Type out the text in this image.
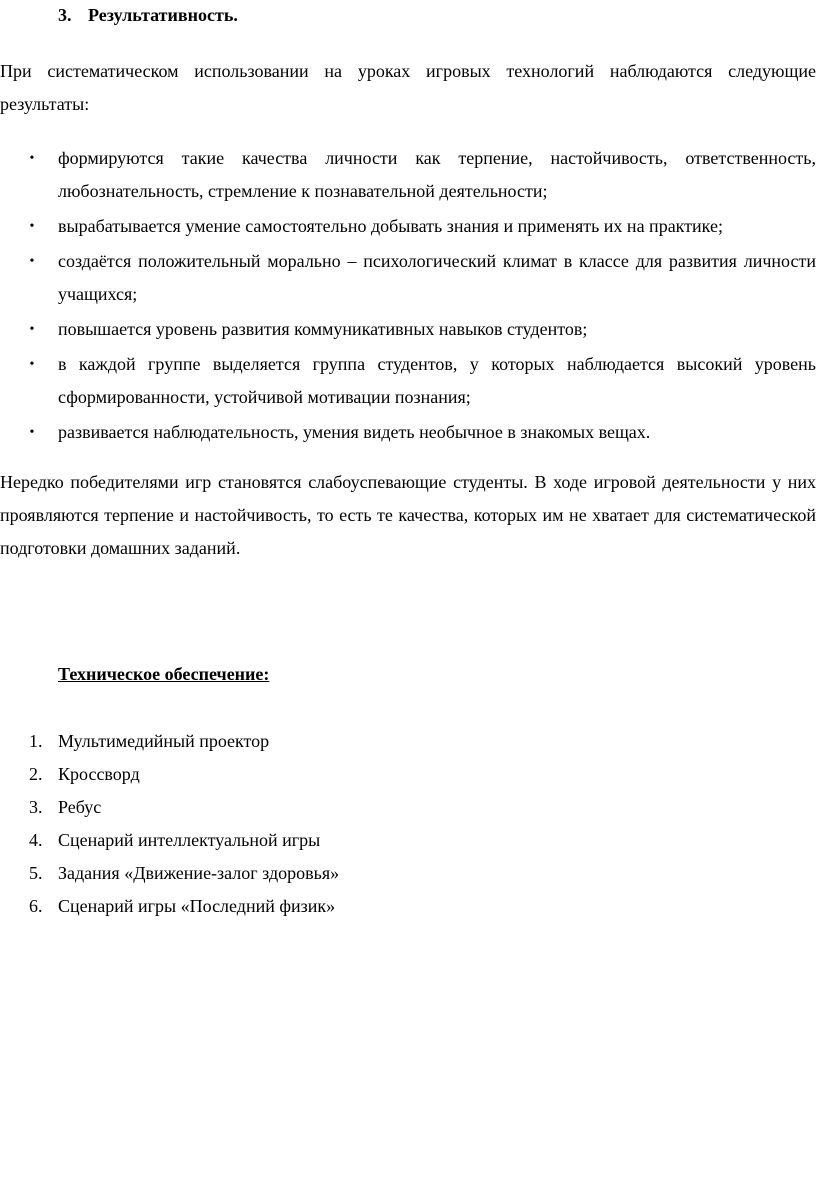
3. Результативность.

При систематическом использовании на уроках игровых технологий наблюдаются следующие результаты:

• формируются такие качества личности как терпение, настойчивость, ответственность, любознательность, стремление к познавательной деятельности;
• вырабатывается умение самостоятельно добывать знания и применять их на практике;
• создаётся положительный морально – психологический климат в классе для развития личности учащихся;
• повышается уровень развития коммуникативных навыков студентов;
• в каждой группе выделяется группа студентов, у которых наблюдается высокий уровень сформированности, устойчивой мотивации познания;
• развивается наблюдательность, умения видеть необычное в знакомых вещах.

Нередко победителями игр становятся слабоуспевающие студенты. В ходе игровой деятельности у них проявляются терпение и настойчивость, то есть те качества, которых им не хватает для систематической подготовки домашних заданий.

Техническое обеспечение:
1. Мультимедийный проектор
2. Кроссворд
3. Ребус
4. Сценарий интеллектуальной игры
5. Задания «Движение-залог здоровья»
6. Сценарий игры «Последний физик»
